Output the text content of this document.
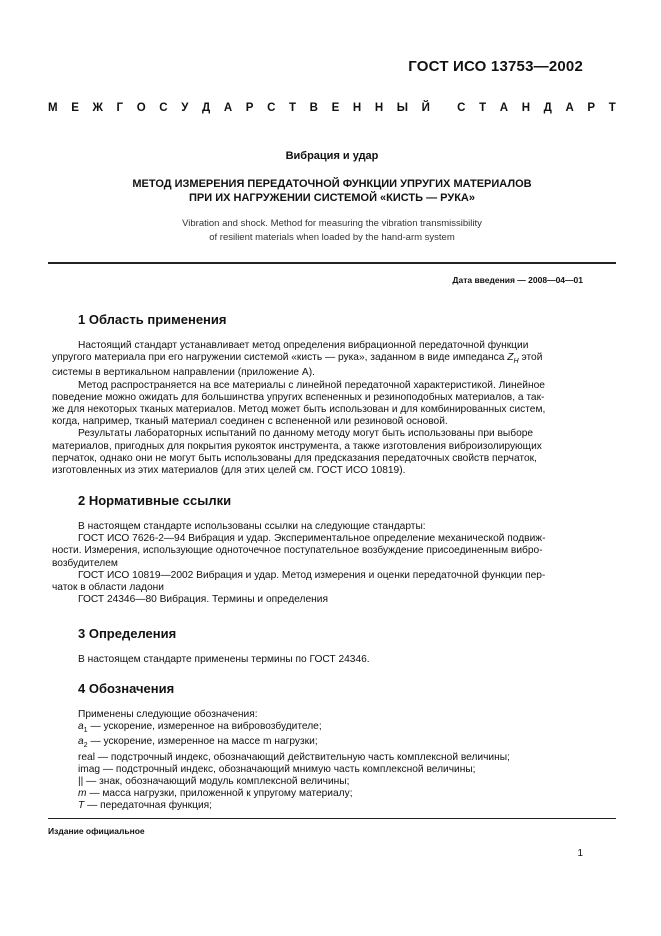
ГОСТ ИСО 13753—2002
М Е Ж Г О С У Д А Р С Т В Е Н Н Ы Й С Т А Н Д А Р Т
Вибрация и удар
МЕТОД ИЗМЕРЕНИЯ ПЕРЕДАТОЧНОЙ ФУНКЦИИ УПРУГИХ МАТЕРИАЛОВ
ПРИ ИХ НАГРУЖЕНИИ СИСТЕМОЙ «КИСТЬ — РУКА»
Vibration and shock. Method for measuring the vibration transmissibility
of resilient materials when loaded by the hand-arm system
Дата введения — 2008—04—01
1 Область применения
Настоящий стандарт устанавливает метод определения вибрационной передаточной функции
упругого материала при его нагружении системой «кисть — рука», заданном в виде импеданса $Z_H$ этой
системы в вертикальном направлении (приложение А).
Метод распространяется на все материалы с линейной передаточной характеристикой. Линейное
поведение можно ожидать для большинства упругих вспененных и резиноподобных материалов, а так-
же для некоторых тканых материалов. Метод может быть использован и для комбинированных систем,
когда, например, тканый материал соединен с вспененной или резиновой основой.
Результаты лабораторных испытаний по данному методу могут быть использованы при выборе
материалов, пригодных для покрытия рукояток инструмента, а также изготовления виброизолирующих
перчаток, однако они не могут быть использованы для предсказания передаточных свойств перчаток,
изготовленных из этих материалов (для этих целей см. ГОСТ ИСО 10819).
2 Нормативные ссылки
В настоящем стандарте использованы ссылки на следующие стандарты:
ГОСТ ИСО 7626-2—94 Вибрация и удар. Экспериментальное определение механической подвиж-
ности. Измерения, использующие одноточечное поступательное возбуждение присоединенным вибро-
возбудителем
ГОСТ ИСО 10819—2002 Вибрация и удар. Метод измерения и оценки передаточной функции пер-
чаток в области ладони
ГОСТ 24346—80 Вибрация. Термины и определения
3 Определения
В настоящем стандарте применены термины по ГОСТ 24346.
4 Обозначения
Применены следующие обозначения:
$a_1$ — ускорение, измеренное на вибровозбудителе;
$a_2$ — ускорение, измеренное на массе m нагрузки;
real — подстрочный индекс, обозначающий действительную часть комплексной величины;
imag — подстрочный индекс, обозначающий мнимую часть комплексной величины;
|| — знак, обозначающий модуль комплексной величины;
m — масса нагрузки, приложенной к упругому материалу;
T — передаточная функция;
Издание официальное
1
